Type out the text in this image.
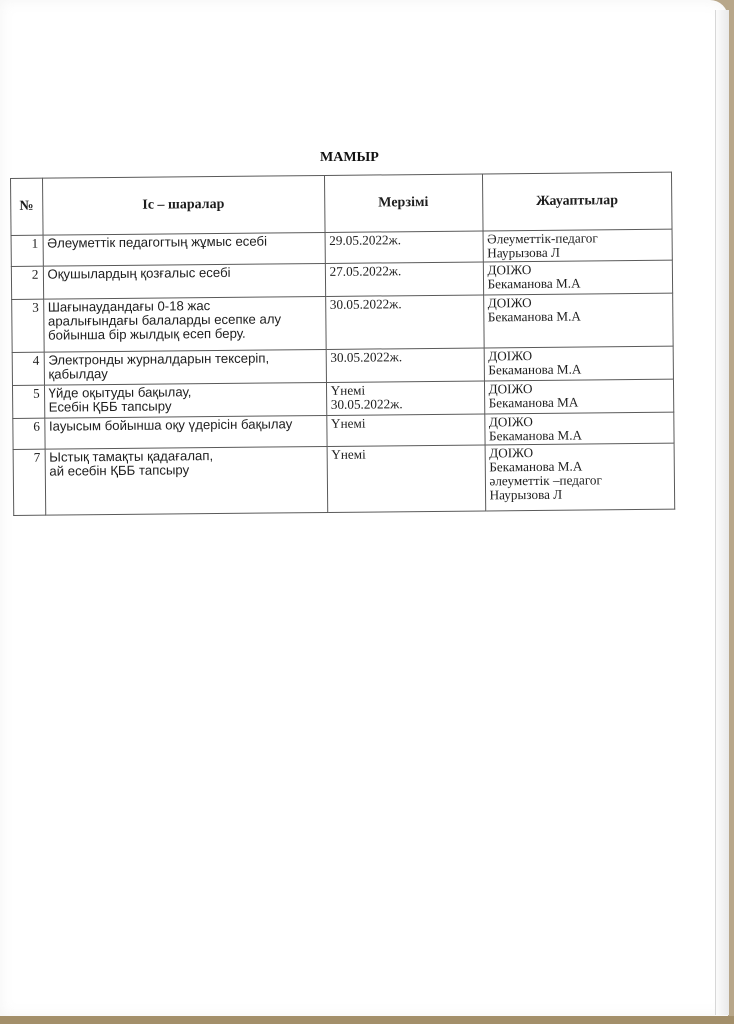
МАМЫР
№	Іс – шаралар	Мерзімі	Жауаптылар
1	Әлеуметтік педагогтың жұмыс есебі	29.05.2022ж.	Әлеуметтік-педагог
Наурызова Л

2	Оқушылардың қозғалыс есебі	27.05.2022ж.	ДОІЖО
Бекаманова М.А

3	Шағынаудандағы 0-18 жас
аралығындағы балаларды есепке алу
бойынша бір жылдық есеп беру.	30.05.2022ж.	ДОІЖО
Бекаманова М.А

4	Электронды журналдарын тексеріп,
қабылдау	30.05.2022ж.	ДОІЖО
Бекаманова М.А

5	Үйде оқытуды бақылау,
Есебін ҚББ тапсыру	Үнемі
30.05.2022ж.	ДОІЖО
Бекаманова МА

6	Іауысым бойынша оқу үдерісін бақылау	Үнемі	ДОІЖО
Бекаманова М.А

7	Ыстық тамақты қадағалап,
ай есебін ҚББ тапсыру	Үнемі	ДОІЖО
Бекаманова М.А
әлеуметтік –педагог
Наурызова Л
